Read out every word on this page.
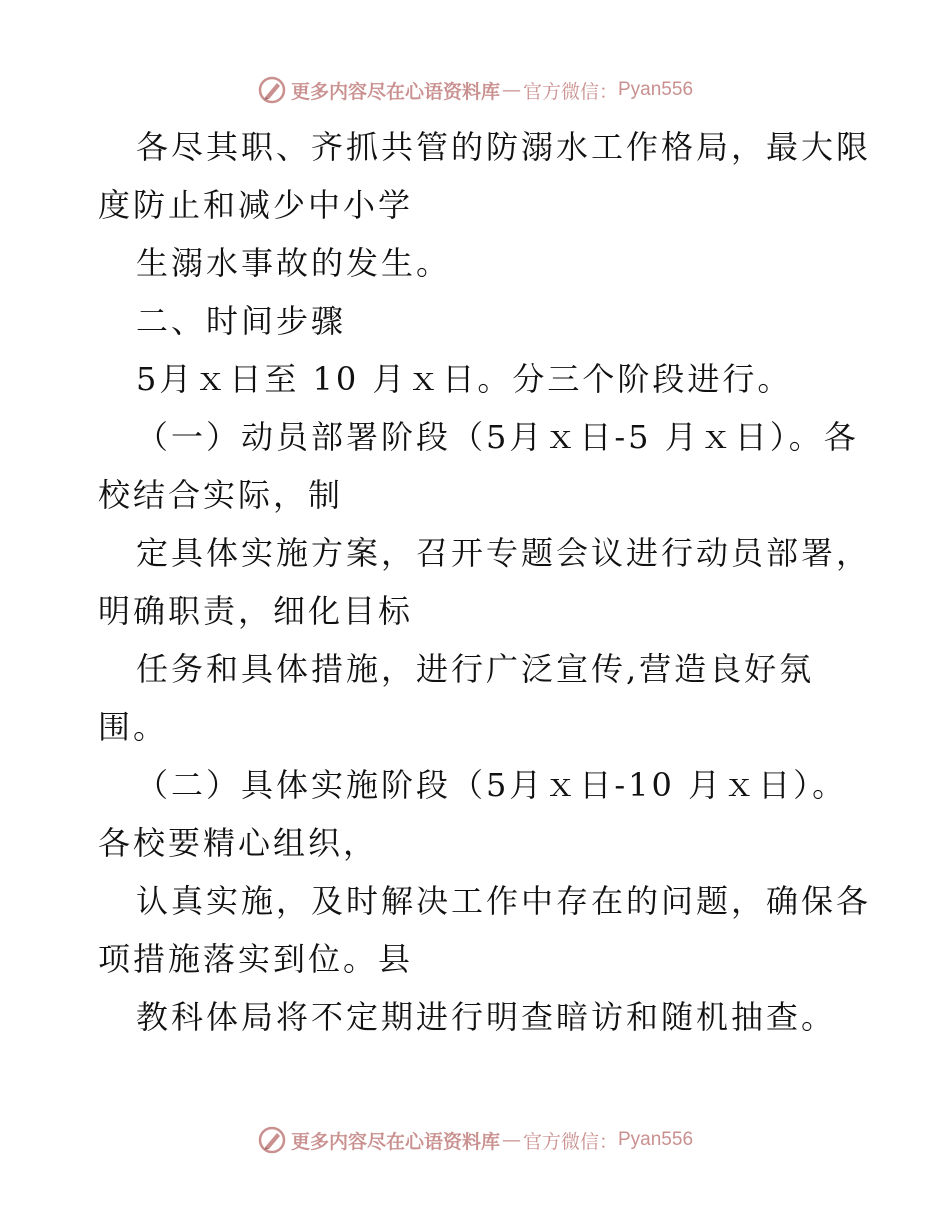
更多内容尽在心语资料库 — 官方微信： Pyan556
各尽其职、齐抓共管的防溺水工作格局，最大限
度防止和减少中小学
生溺水事故的发生。
二、时间步骤
5月ｘ日至 10 月ｘ日。分三个阶段进行。
（一）动员部署阶段（5月ｘ日-5 月ｘ日）。各
校结合实际，制
定具体实施方案，召开专题会议进行动员部署，
明确职责，细化目标
任务和具体措施，进行广泛宣传,营造良好氛
围。
（二）具体实施阶段（5月ｘ日-10 月ｘ日）。
各校要精心组织，
认真实施，及时解决工作中存在的问题，确保各
项措施落实到位。县
教科体局将不定期进行明查暗访和随机抽查。
更多内容尽在心语资料库 — 官方微信： Pyan556
